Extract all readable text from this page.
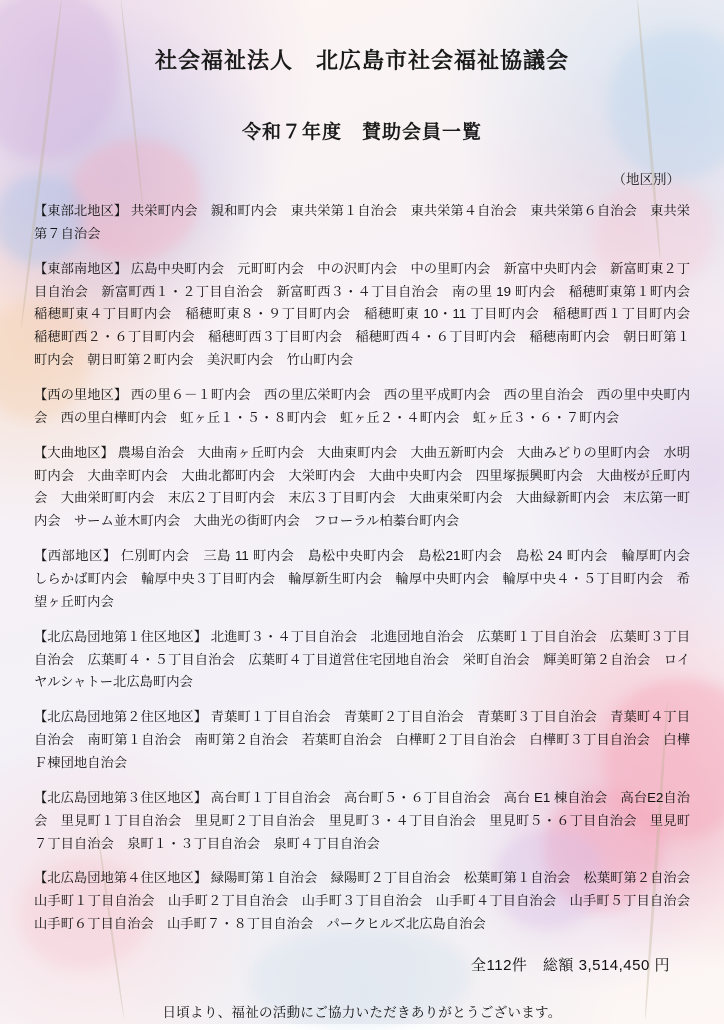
社会福祉法人　北広島市社会福祉協議会
令和７年度　賛助会員一覧
（地区別）
【東部北地区】 共栄町内会　親和町内会　東共栄第１自治会　東共栄第４自治会　東共栄第６自治会　東共栄第７自治会
【東部南地区】 広島中央町内会　元町町内会　中の沢町内会　中の里町内会　新富中央町内会　新富町東２丁目自治会　新富町西１・２丁目自治会　新富町西３・４丁目自治会　南の里 19 町内会　稲穂町東第１町内会　稲穂町東４丁目町内会　稲穂町東８・９丁目町内会　稲穂町東 10・11 丁目町内会　稲穂町西１丁目町内会　稲穂町西２・６丁目町内会　稲穂町西３丁目町内会　稲穂町西４・６丁目町内会　稲穂南町内会　朝日町第１町内会　朝日町第２町内会　美沢町内会　竹山町内会
【西の里地区】 西の里６－１町内会　西の里広栄町内会　西の里平成町内会　西の里自治会　西の里中央町内会　西の里白樺町内会　虹ヶ丘１・５・８町内会　虹ヶ丘２・４町内会　虹ヶ丘３・６・７町内会
【大曲地区】 農場自治会　大曲南ヶ丘町内会　大曲東町内会　大曲五新町内会　大曲みどりの里町内会　水明町内会　大曲幸町内会　大曲北都町内会　大栄町内会　大曲中央町内会　四里塚振興町内会　大曲桜が丘町内会　大曲栄町町内会　末広２丁目町内会　末広３丁目町内会　大曲東栄町内会　大曲緑新町内会　末広第一町内会　サーム並木町内会　大曲光の街町内会　フローラル柏蓁台町内会
【西部地区】 仁別町内会　三島 11 町内会　島松中央町内会　島松21町内会　島松 24 町内会　輪厚町内会　しらかば町内会　輪厚中央３丁目町内会　輪厚新生町内会　輪厚中央町内会　輪厚中央４・５丁目町内会　希望ヶ丘町内会
【北広島団地第１住区地区】 北進町３・４丁目自治会　北進団地自治会　広葉町１丁目自治会　広葉町３丁目自治会　広葉町４・５丁目自治会　広葉町４丁目道営住宅団地自治会　栄町自治会　輝美町第２自治会　ロイヤルシャトー北広島町内会
【北広島団地第２住区地区】 青葉町１丁目自治会　青葉町２丁目自治会　青葉町３丁目自治会　青葉町４丁目自治会　南町第１自治会　南町第２自治会　若葉町自治会　白樺町２丁目自治会　白樺町３丁目自治会　白樺Ｆ棟団地自治会
【北広島団地第３住区地区】 高台町１丁目自治会　高台町５・６丁目自治会　高台 E1 棟自治会　高台E2自治会　里見町１丁目自治会　里見町２丁目自治会　里見町３・４丁目自治会　里見町５・６丁目自治会　里見町７丁目自治会　泉町１・３丁目自治会　泉町４丁目自治会
【北広島団地第４住区地区】 緑陽町第１自治会　緑陽町２丁目自治会　松葉町第１自治会　松葉町第２自治会　山手町１丁目自治会　山手町２丁目自治会　山手町３丁目自治会　山手町４丁目自治会　山手町５丁目自治会　山手町６丁目自治会　山手町７・８丁目自治会　パークヒルズ北広島自治会
全112件　総額 3,514,450 円
日頃より、福祉の活動にご協力いただきありがとうございます。
